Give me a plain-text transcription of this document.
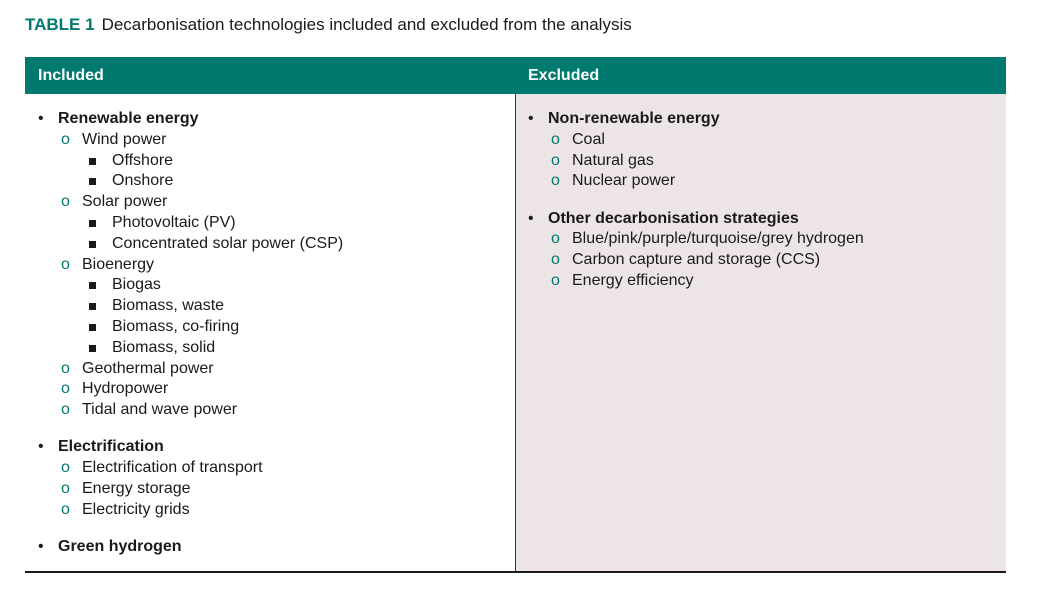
TABLE 1 Decarbonisation technologies included and excluded from the analysis
Included
• Renewable energy
o Wind power
Offshore
Onshore
o Solar power
Photovoltaic (PV)
Concentrated solar power (CSP)
o Bioenergy
Biogas
Biomass, waste
Biomass, co-firing
Biomass, solid
o Geothermal power
o Hydropower
o Tidal and wave power
• Electrification
o Electrification of transport
o Energy storage
o Electricity grids
• Green hydrogen
Excluded
• Non-renewable energy
o Coal
o Natural gas
o Nuclear power
• Other decarbonisation strategies
o Blue/pink/purple/turquoise/grey hydrogen
o Carbon capture and storage (CCS)
o Energy efficiency
